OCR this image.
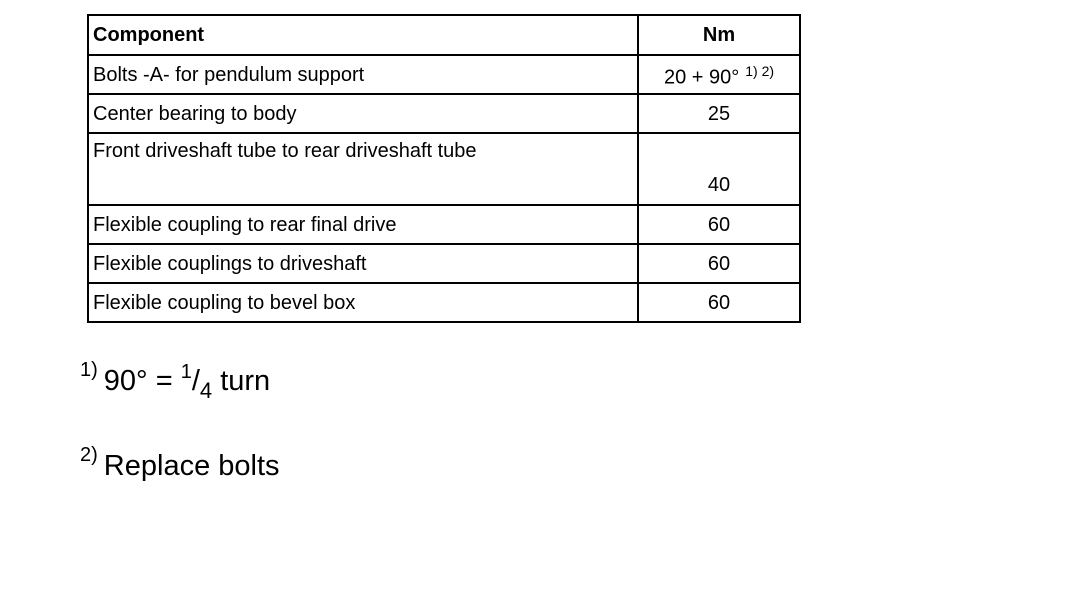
Component	Nm
Bolts -A- for pendulum support	20 + 90° $^{1) 2)}$
Center bearing to body	25
Front driveshaft tube to rear driveshaft tube	40
Flexible coupling to rear final drive	60
Flexible couplings to driveshaft	60
Flexible coupling to bevel box	60
$^{1)}$ $90^\circ = ^1/_4$ turn
$^{2)}$ Replace bolts
